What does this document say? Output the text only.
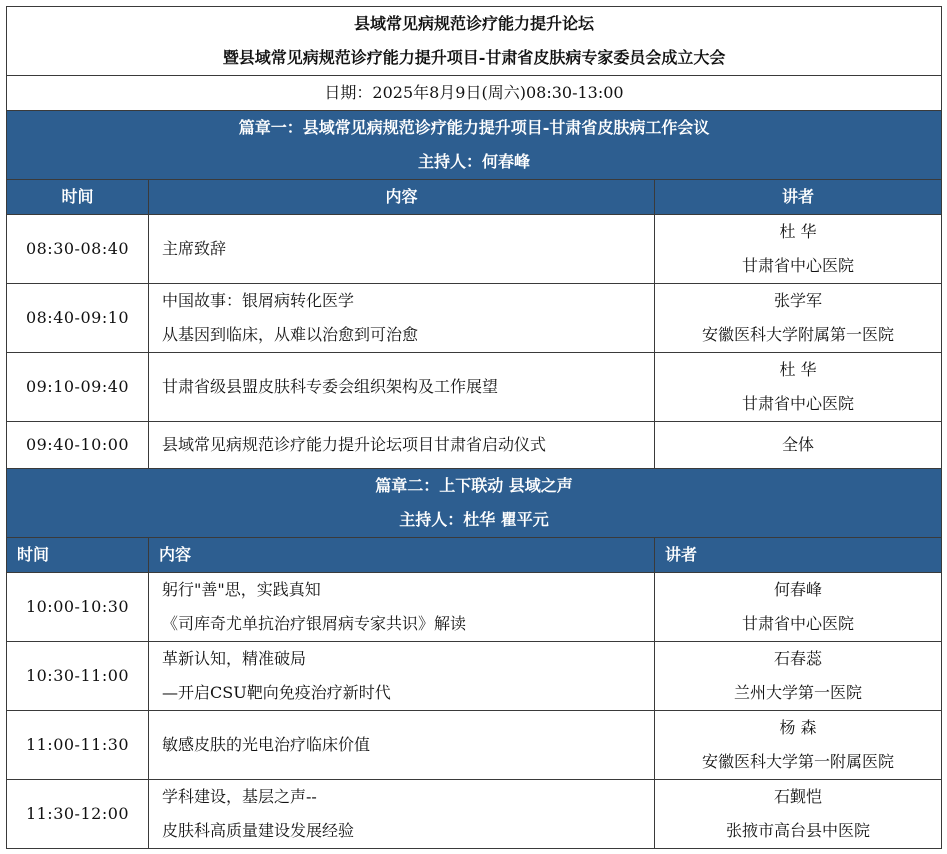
县域常见病规范诊疗能力提升论坛
暨县域常见病规范诊疗能力提升项目-甘肃省皮肤病专家委员会成立大会		

日期：2025年8月9日(周六)08:30-13:00		

篇章一：县域常见病规范诊疗能力提升项目-甘肃省皮肤病工作会议
主持人：何春峰		

时间	内容	讲者
08:30-08:40	主席致辞	杜 华
甘肃省中心医院

08:40-09:10	中国故事：银屑病转化医学
从基因到临床，从难以治愈到可治愈	张学军
安徽医科大学附属第一医院

09:10-09:40	甘肃省级县盟皮肤科专委会组织架构及工作展望	杜 华
甘肃省中心医院

09:40-10:00	县域常见病规范诊疗能力提升论坛项目甘肃省启动仪式	全体

篇章二：上下联动 县域之声
主持人：杜华 瞿平元		

时间	内容	讲者
10:00-10:30	躬行"善"思，实践真知
《司库奇尤单抗治疗银屑病专家共识》解读	何春峰
甘肃省中心医院

10:30-11:00	革新认知，精准破局
—开启CSU靶向免疫治疗新时代	石春蕊
兰州大学第一医院

11:00-11:30	敏感皮肤的光电治疗临床价值	杨 森
安徽医科大学第一附属医院

11:30-12:00	学科建设，基层之声--
皮肤科高质量建设发展经验	石觐恺
张掖市高台县中医院
